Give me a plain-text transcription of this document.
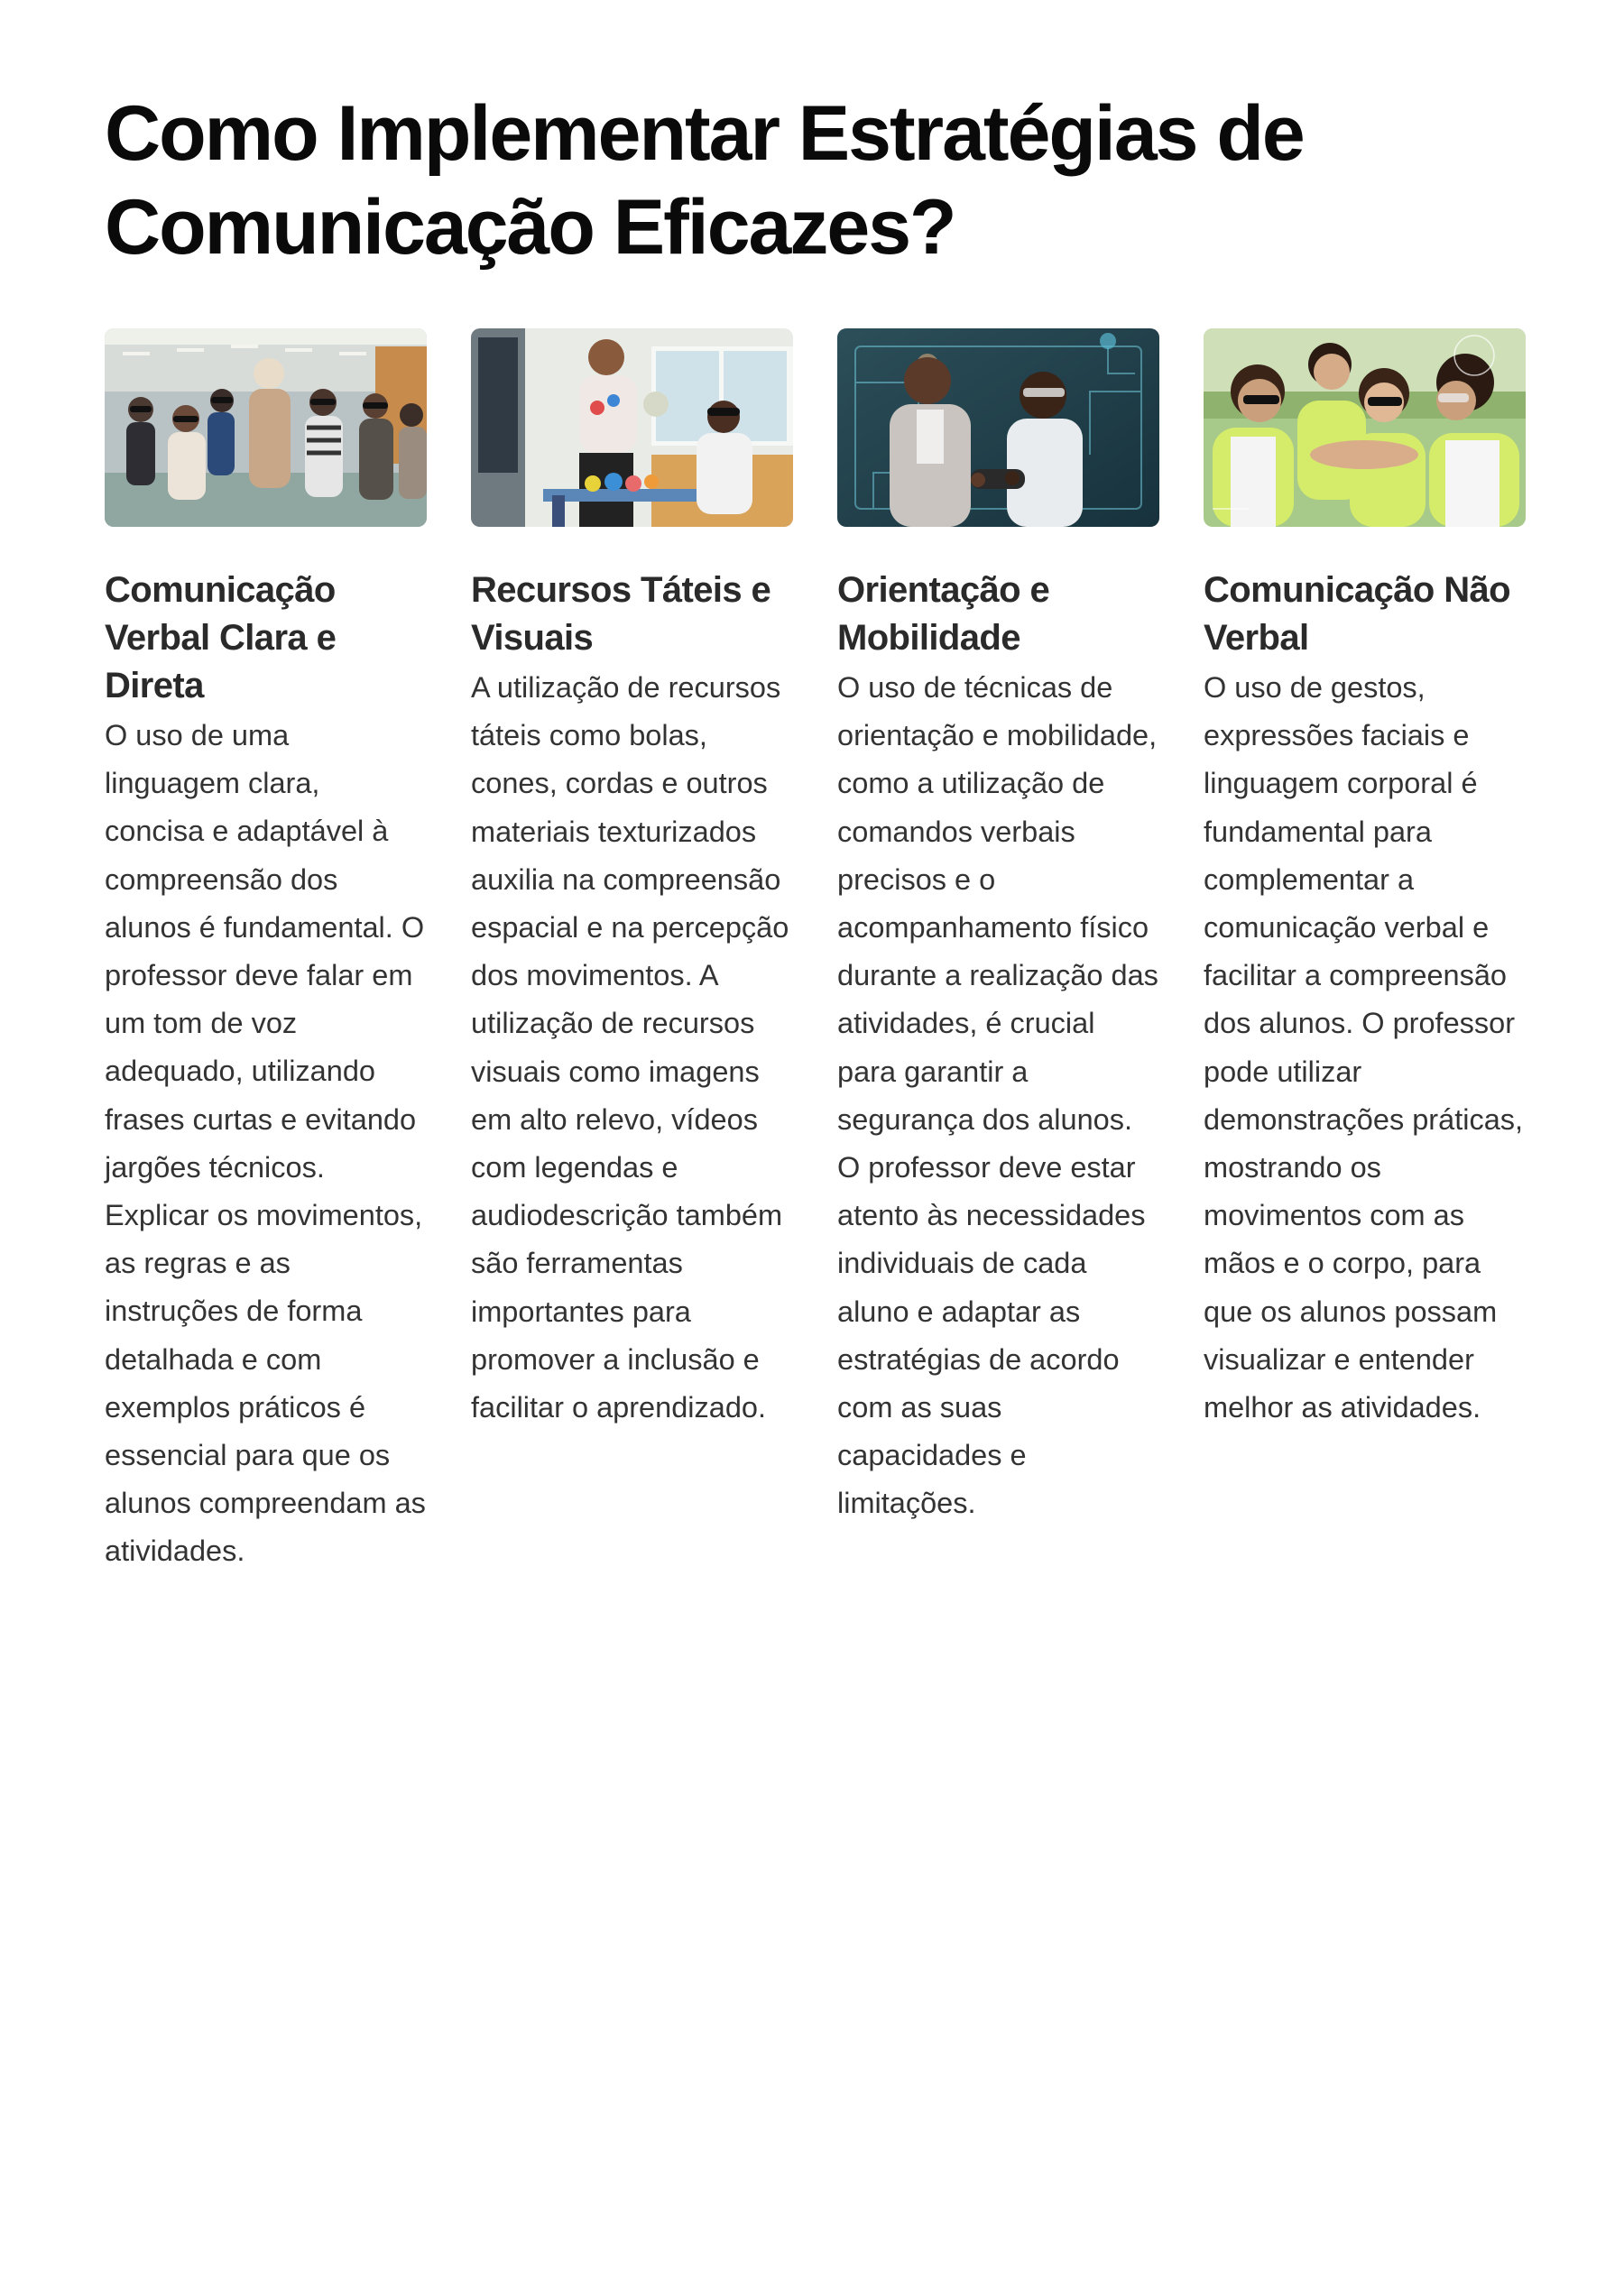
Como Implementar Estratégias de Comunicação Eficazes?
Comunicação Verbal Clara e Direta

O uso de uma linguagem clara, concisa e adaptável à compreensão dos alunos é fundamental. O professor deve falar em um tom de voz adequado, utilizando frases curtas e evitando jargões técnicos. Explicar os movimentos, as regras e as instruções de forma detalhada e com exemplos práticos é essencial para que os alunos compreendam as atividades.

Recursos Táteis e Visuais

A utilização de recursos táteis como bolas, cones, cordas e outros materiais texturizados auxilia na compreensão espacial e na percepção dos movimentos. A utilização de recursos visuais como imagens em alto relevo, vídeos com legendas e audiodescrição também são ferramentas importantes para promover a inclusão e facilitar o aprendizado.

Orientação e Mobilidade

O uso de técnicas de orientação e mobilidade, como a utilização de comandos verbais precisos e o acompanhamento físico durante a realização das atividades, é crucial para garantir a segurança dos alunos. O professor deve estar atento às necessidades individuais de cada aluno e adaptar as estratégias de acordo com as suas capacidades e limitações.

Comunicação Não Verbal

O uso de gestos, expressões faciais e linguagem corporal é fundamental para complementar a comunicação verbal e facilitar a compreensão dos alunos. O professor pode utilizar demonstrações práticas, mostrando os movimentos com as mãos e o corpo, para que os alunos possam visualizar e entender melhor as atividades.
